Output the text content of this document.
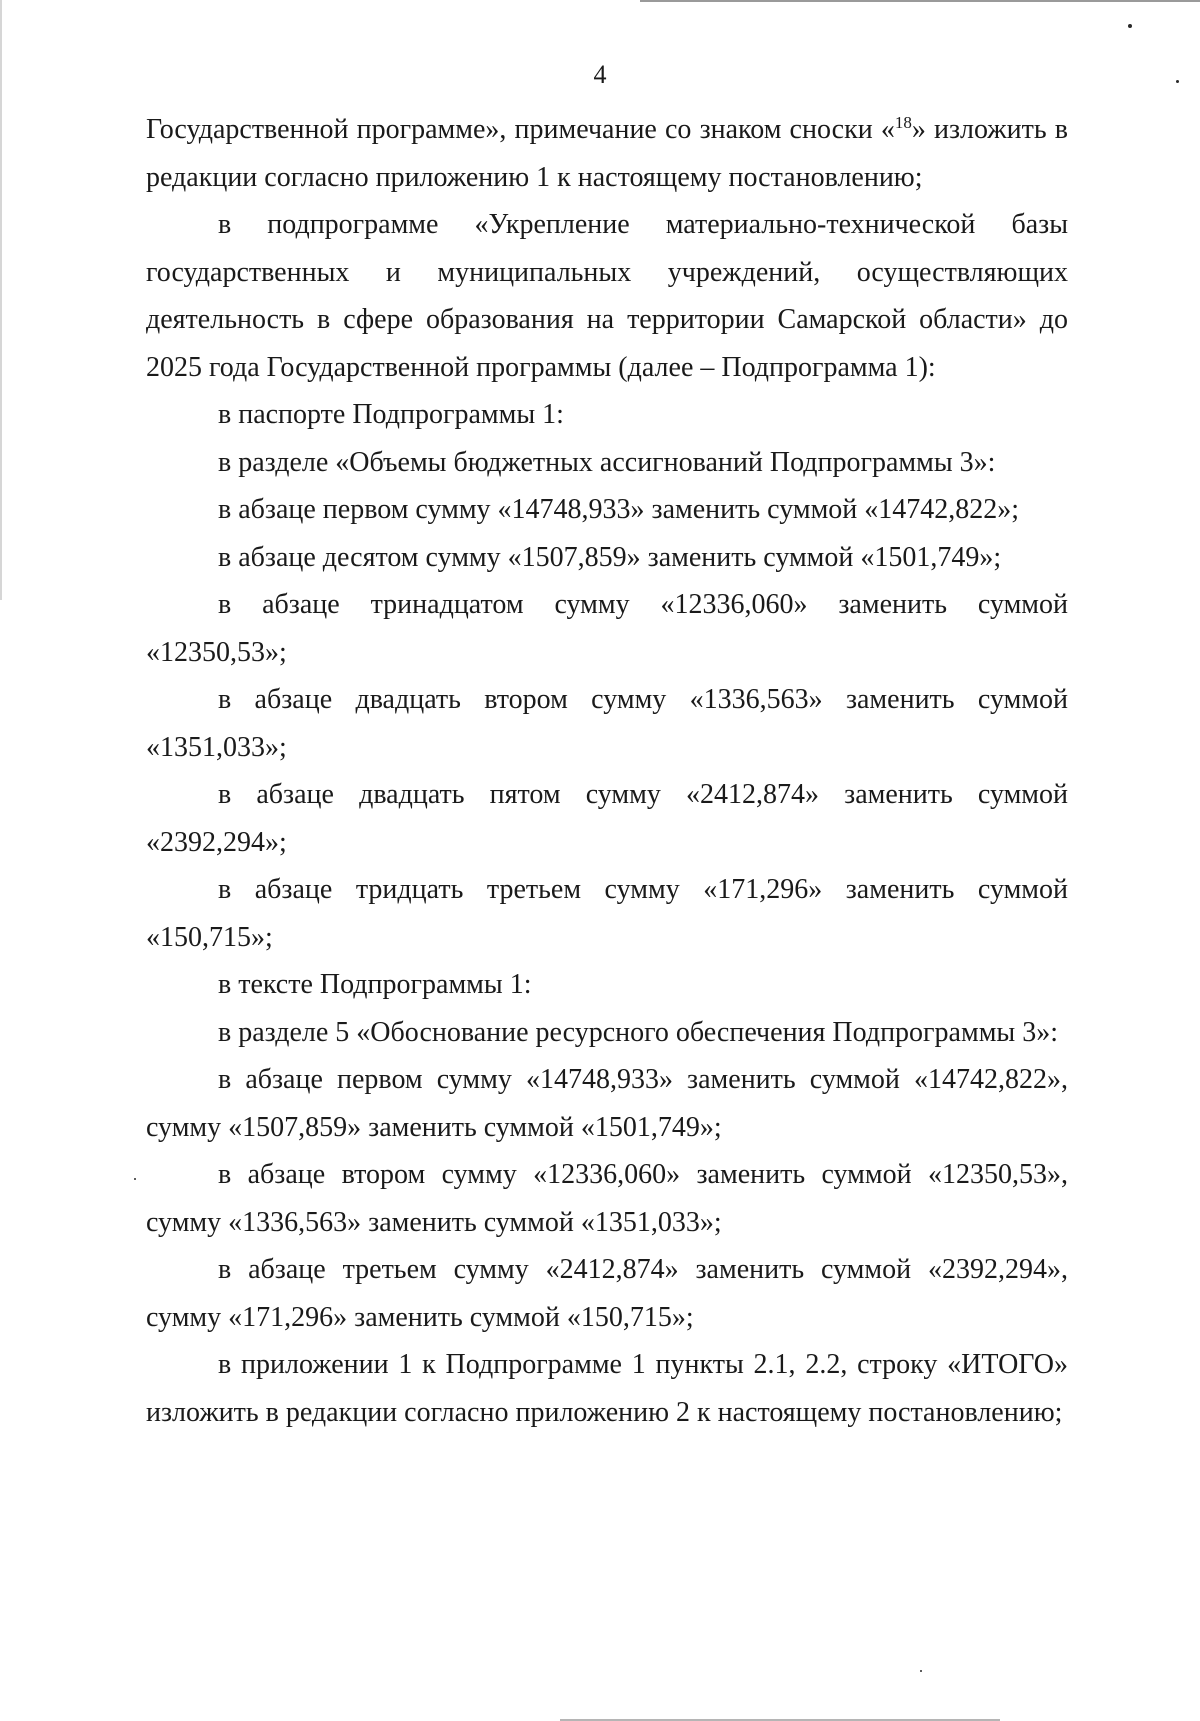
4

Государственной программе», примечание со знаком сноски «$^{18}$» изложить в редакции согласно приложению 1 к настоящему постановлению;

в подпрограмме «Укрепление материально-технической базы государственных и муниципальных учреждений, осуществляющих деятельность в сфере образования на территории Самарской области» до 2025 года Государственной программы (далее – Подпрограмма 1):

в паспорте Подпрограммы 1:

в разделе «Объемы бюджетных ассигнований Подпрограммы 3»:

в абзаце первом сумму «14748,933» заменить суммой «14742,822»;

в абзаце десятом сумму «1507,859» заменить суммой «1501,749»;

в абзаце тринадцатом сумму «12336,060» заменить суммой «12350,53»;

в абзаце двадцать втором сумму «1336,563» заменить суммой «1351,033»;

в абзаце двадцать пятом сумму «2412,874» заменить суммой «2392,294»;

в абзаце тридцать третьем сумму «171,296» заменить суммой «150,715»;

в тексте Подпрограммы 1:

в разделе 5 «Обоснование ресурсного обеспечения Подпрограммы 3»:

в абзаце первом сумму «14748,933» заменить суммой «14742,822», сумму «1507,859» заменить суммой «1501,749»;

в абзаце втором сумму «12336,060» заменить суммой «12350,53», сумму «1336,563» заменить суммой «1351,033»;

в абзаце третьем сумму «2412,874» заменить суммой «2392,294», сумму «171,296» заменить суммой «150,715»;

в приложении 1 к Подпрограмме 1 пункты 2.1, 2.2, строку «ИТОГО» изложить в редакции согласно приложению 2 к настоящему постановлению;
